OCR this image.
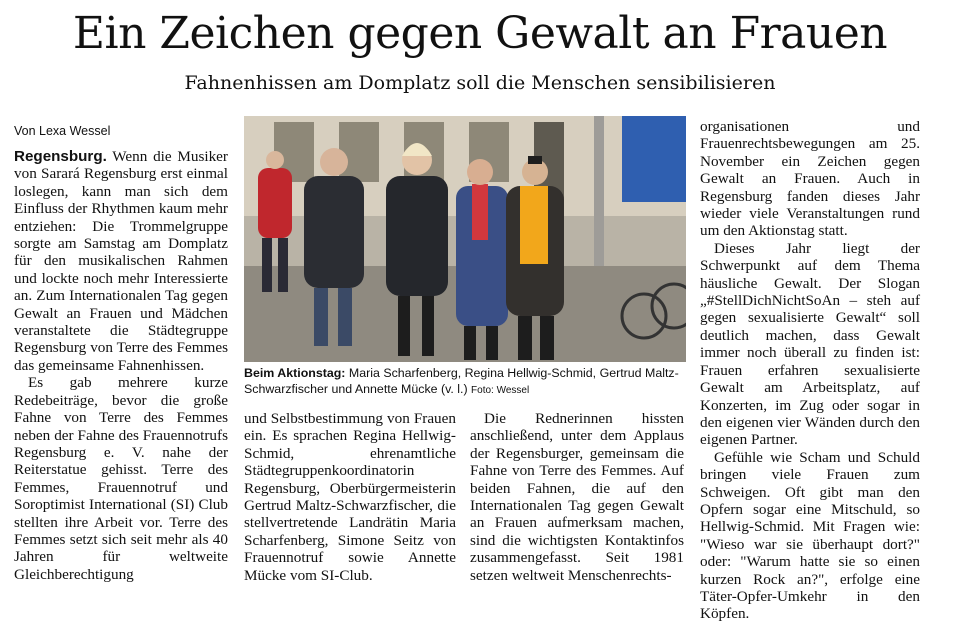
Ein Zeichen gegen Gewalt an Frauen
Fahnenhissen am Domplatz soll die Menschen sensibilisieren
Von Lexa Wessel

Regensburg. Wenn die Musiker von Sarará Regensburg erst einmal loslegen, kann man sich dem Einfluss der Rhythmen kaum mehr entziehen: Die Trommelgruppe sorgte am Samstag am Domplatz für den musikalischen Rahmen und lockte noch mehr Interessierte an. Zum Internationalen Tag gegen Gewalt an Frauen und Mädchen veranstaltete die Städtegruppe Regensburg von Terre des Femmes das gemeinsame Fahnenhissen.

Es gab mehrere kurze Redebeiträge, bevor die große Fahne von Terre des Femmes neben der Fahne des Frauennotrufs Regensburg e. V. nahe der Reiterstatue gehisst. Terre des Femmes, Frauennotruf und Soroptimist International (SI) Club stellten ihre Arbeit vor. Terre des Femmes setzt sich seit mehr als 40 Jahren für weltweite Gleichberechtigung

Beim Aktionstag: Maria Scharfenberg, Regina Hellwig-Schmid, Gertrud Maltz-Schwarzfischer und Annette Mücke (v. l.) Foto: Wessel

und Selbstbestimmung von Frauen ein. Es sprachen Regina Hellwig-Schmid, ehrenamtliche Städtegruppenkoordinatorin Regensburg, Oberbürgermeisterin Gertrud Maltz-Schwarzfischer, die stellvertretende Landrätin Maria Scharfenberg, Simone Seitz von Frauennotruf sowie Annette Mücke vom SI-Club.

Die Rednerinnen hissten anschließend, unter dem Applaus der Regensburger, gemeinsam die Fahne von Terre des Femmes. Auf beiden Fahnen, die auf den Internationalen Tag gegen Gewalt an Frauen aufmerksam machen, sind die wichtigsten Kontaktinfos zusammengefasst. Seit 1981 setzen weltweit Menschenrechts-

organisationen und Frauenrechtsbewegungen am 25. November ein Zeichen gegen Gewalt an Frauen. Auch in Regensburg fanden dieses Jahr wieder viele Veranstaltungen rund um den Aktionstag statt.

Dieses Jahr liegt der Schwerpunkt auf dem Thema häusliche Gewalt. Der Slogan „#StellDichNichtSoAn – steh auf gegen sexualisierte Gewalt“ soll deutlich machen, dass Gewalt immer noch überall zu finden ist: Frauen erfahren sexualisierte Gewalt am Arbeitsplatz, auf Konzerten, im Zug oder sogar in den eigenen vier Wänden durch den eigenen Partner.

Gefühle wie Scham und Schuld bringen viele Frauen zum Schweigen. Oft gibt man den Opfern sogar eine Mitschuld, so Hellwig-Schmid. Mit Fragen wie: "Wieso war sie überhaupt dort?" oder: "Warum hatte sie so einen kurzen Rock an?", erfolge eine Täter-Opfer-Umkehr in den Köpfen.
